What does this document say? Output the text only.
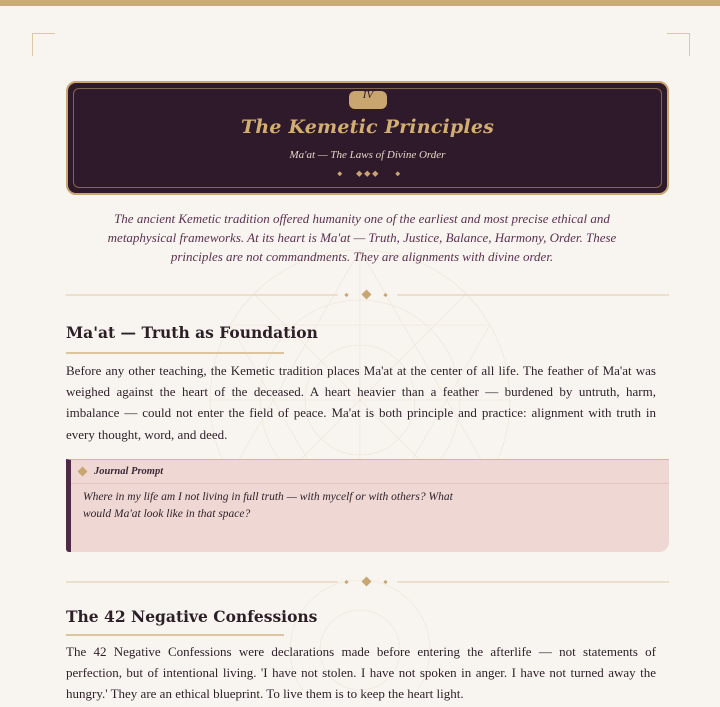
IV
The Kemetic Principles
Ma'at — The Laws of Divine Order
The ancient Kemetic tradition offered humanity one of the earliest and most precise ethical and metaphysical frameworks. At its heart is Ma'at — Truth, Justice, Balance, Harmony, Order. These principles are not commandments. They are alignments with divine order.
Ma'at — Truth as Foundation
Before any other teaching, the Kemetic tradition places Ma'at at the center of all life. The feather of Ma'at was weighed against the heart of the deceased. A heart heavier than a feather — burdened by untruth, harm, imbalance — could not enter the field of peace. Ma'at is both principle and practice: alignment with truth in every thought, word, and deed.
Journal Prompt
Where in my life am I not living in full truth — with mycelf or with others? What would Ma'at look like in that space?
The 42 Negative Confessions
The 42 Negative Confessions were declarations made before entering the afterlife — not statements of perfection, but of intentional living. 'I have not stolen. I have not spoken in anger. I have not turned away the hungry.' They are an ethical blueprint. To live them is to keep the heart light.
